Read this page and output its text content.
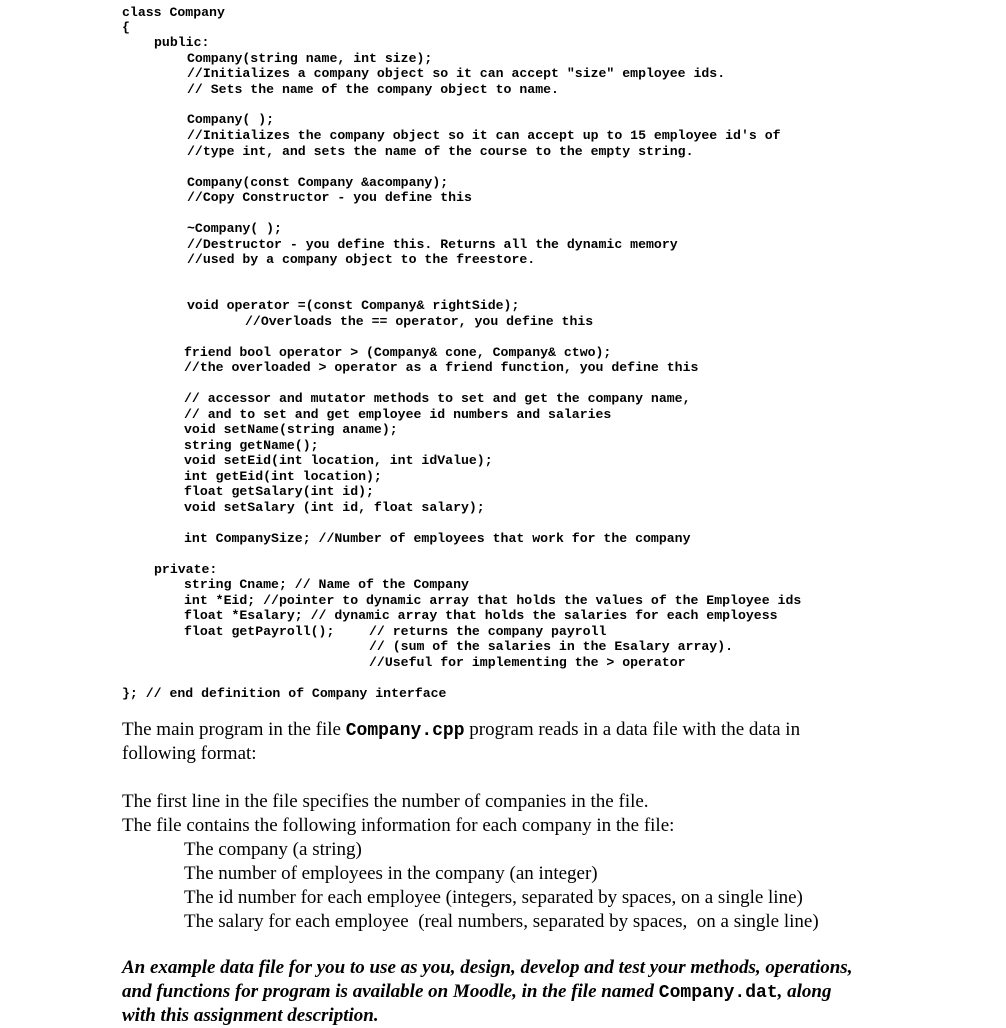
class Company
{
public:
Company(string name, int size);
//Initializes a company object so it can accept "size" employee ids.
// Sets the name of the company object to name.
Company( );
//Initializes the company object so it can accept up to 15 employee id's of
//type int, and sets the name of the course to the empty string.
Company(const Company &acompany);
//Copy Constructor - you define this
~Company( );
//Destructor - you define this. Returns all the dynamic memory
//used by a company object to the freestore.
void operator =(const Company& rightSide);
//Overloads the == operator, you define this
friend bool operator > (Company& cone, Company& ctwo);
//the overloaded > operator as a friend function, you define this
// accessor and mutator methods to set and get the company name,
// and to set and get employee id numbers and salaries
void setName(string aname);
string getName();
void setEid(int location, int idValue);
int getEid(int location);
float getSalary(int id);
void setSalary (int id, float salary);
int CompanySize; //Number of employees that work for the company
private:
string Cname; // Name of the Company
int *Eid; //pointer to dynamic array that holds the values of the Employee ids
float *Esalary; // dynamic array that holds the salaries for each employess
float getPayroll();	// returns the company payroll
// (sum of the salaries in the Esalary array).
//Useful for implementing the > operator
}; // end definition of Company interface
The main program in the file Company.cpp program reads in a data file with the data in
following format:
The first line in the file specifies the number of companies in the file.
The file contains the following information for each company in the file:
The company (a string)
The number of employees in the company (an integer)
The id number for each employee (integers, separated by spaces, on a single line)
The salary for each employee  (real numbers, separated by spaces,  on a single line)
An example data file for you to use as you, design, develop and test your methods, operations,
and functions for program is available on Moodle, in the file named Company.dat, along
with this assignment description.
